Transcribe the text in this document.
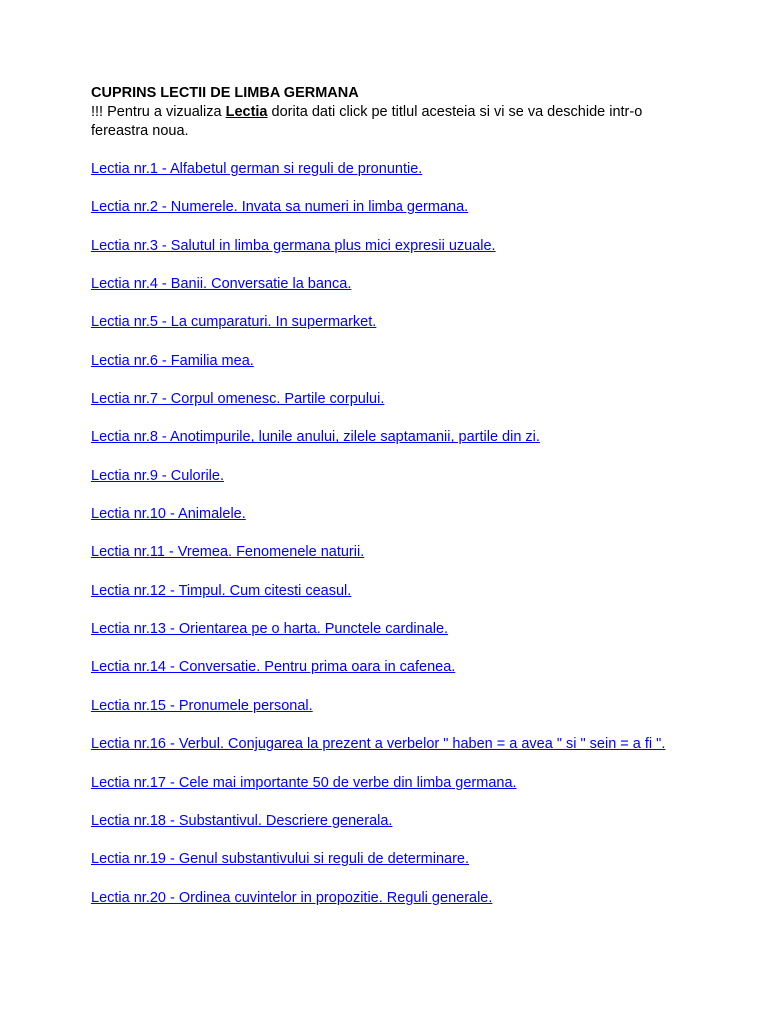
CUPRINS LECTII DE LIMBA GERMANA

!!! Pentru a vizualiza Lectia dorita dati click pe titlul acesteia si vi se va deschide intr-o fereastra noua.

Lectia nr.1 - Alfabetul german si reguli de pronuntie.
Lectia nr.2 - Numerele. Invata sa numeri in limba germana.
Lectia nr.3 - Salutul in limba germana plus mici expresii uzuale.
Lectia nr.4 - Banii. Conversatie la banca.
Lectia nr.5 - La cumparaturi. In supermarket.
Lectia nr.6 - Familia mea.
Lectia nr.7 - Corpul omenesc. Partile corpului.
Lectia nr.8 - Anotimpurile, lunile anului, zilele saptamanii, partile din zi.
Lectia nr.9 - Culorile.
Lectia nr.10 - Animalele.
Lectia nr.11 - Vremea. Fenomenele naturii.
Lectia nr.12 - Timpul. Cum citesti ceasul.
Lectia nr.13 - Orientarea pe o harta. Punctele cardinale.
Lectia nr.14 - Conversatie. Pentru prima oara in cafenea.
Lectia nr.15 - Pronumele personal.
Lectia nr.16 - Verbul. Conjugarea la prezent a verbelor " haben = a avea " si " sein = a fi ".
Lectia nr.17 - Cele mai importante 50 de verbe din limba germana.
Lectia nr.18 - Substantivul. Descriere generala.
Lectia nr.19 - Genul substantivului si reguli de determinare.
Lectia nr.20 - Ordinea cuvintelor in propozitie. Reguli generale.
